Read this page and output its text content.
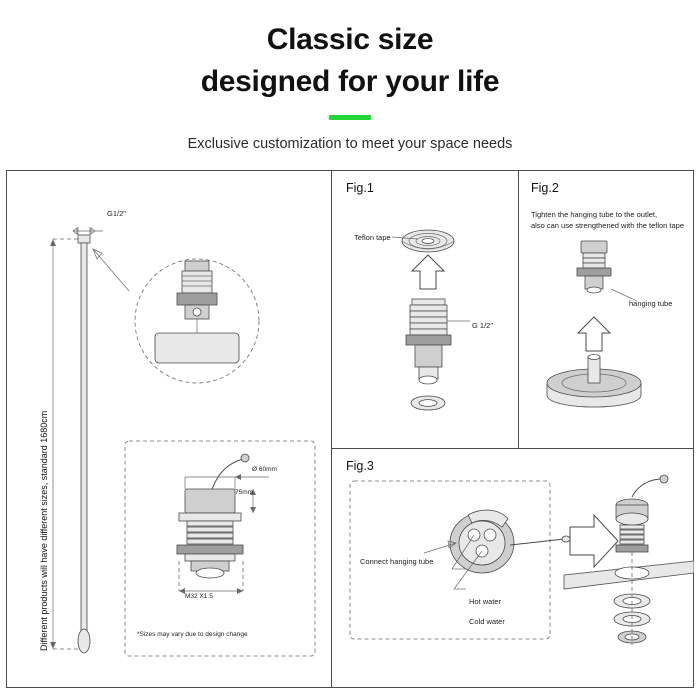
Classic size
designed for your life
Exclusive customization to meet your space needs
Different products will have different sizes, standard 1680cm
G1/2"
Ø 60mm
75mm
M32 X1.5
*Sizes may vary due to design change
Fig.1
Teflon tape
G 1/2"
Fig.2
Tighten the hanging tube to the outlet,
also can use strengthened with the teflon tape
hanging tube
Fig.3
Connect hanging tube
Hot water
Cold water
